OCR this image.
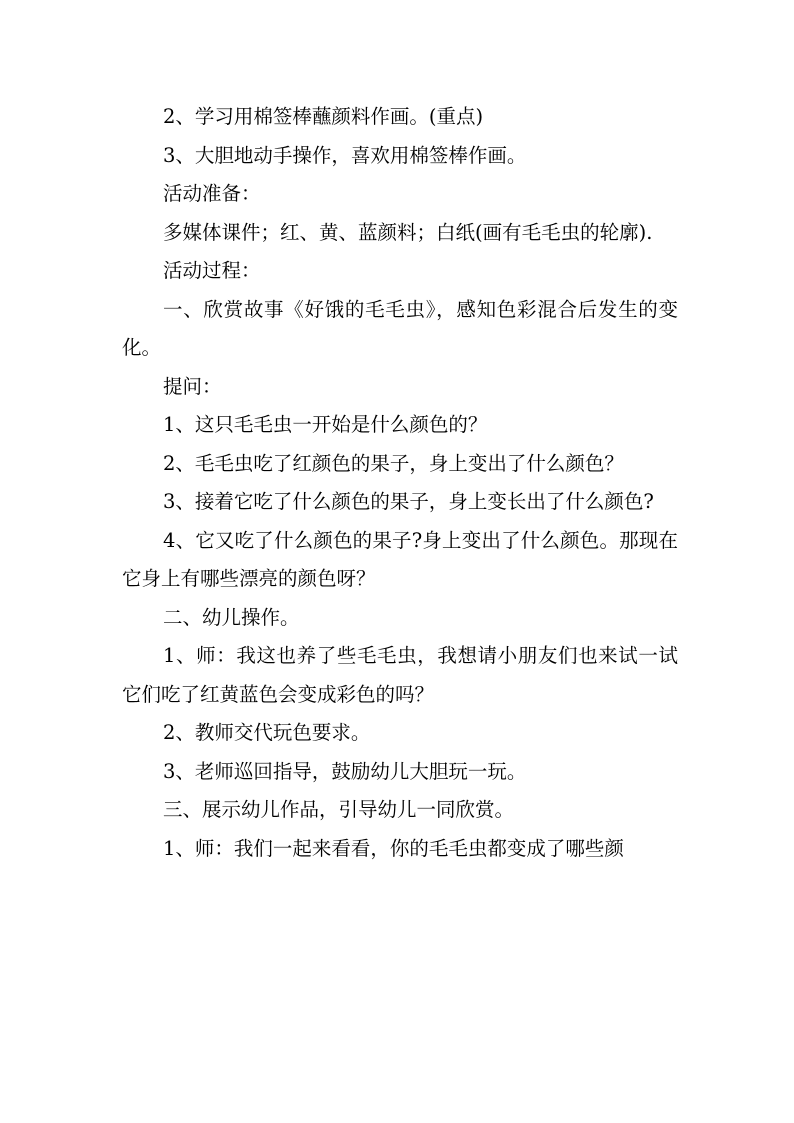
2、学习用棉签棒蘸颜料作画。(重点)

3、大胆地动手操作，喜欢用棉签棒作画。

活动准备：

多媒体课件；红、黄、蓝颜料；白纸(画有毛毛虫的轮廓).

活动过程：

一、欣赏故事《好饿的毛毛虫》，感知色彩混合后发生的变化。

提问：

1、这只毛毛虫一开始是什么颜色的？

2、毛毛虫吃了红颜色的果子，身上变出了什么颜色？

3、接着它吃了什么颜色的果子，身上变长出了什么颜色?

4、它又吃了什么颜色的果子?身上变出了什么颜色。那现在它身上有哪些漂亮的颜色呀？

二、幼儿操作。

1、师：我这也养了些毛毛虫，我想请小朋友们也来试一试它们吃了红黄蓝色会变成彩色的吗？

2、教师交代玩色要求。

3、老师巡回指导，鼓励幼儿大胆玩一玩。

三、展示幼儿作品，引导幼儿一同欣赏。

1、师：我们一起来看看，你的毛毛虫都变成了哪些颜
